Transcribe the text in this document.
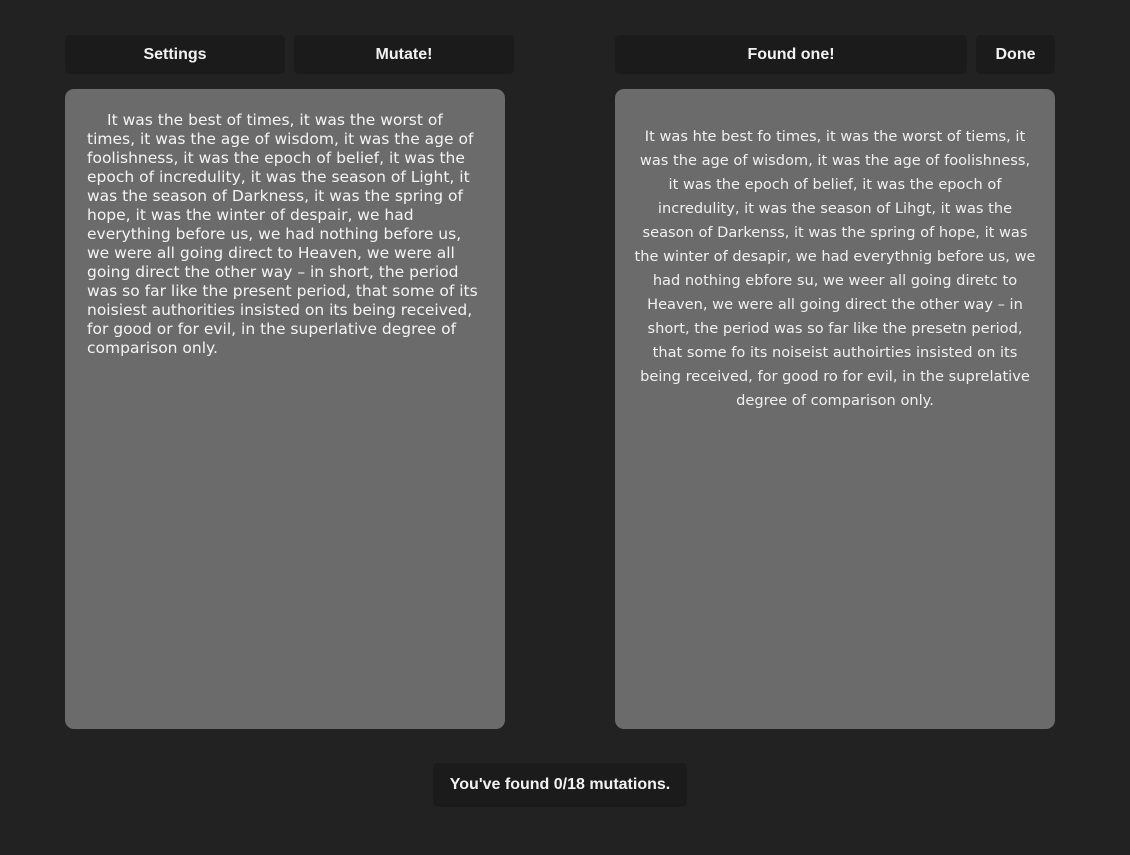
Settings	Mutate!	Found one!	Done

It was the best of times, it was the worst of times, it was the age of wisdom, it was the age of foolishness, it was the epoch of belief, it was the epoch of incredulity, it was the season of Light, it was the season of Darkness, it was the spring of hope, it was the winter of despair, we had everything before us, we had nothing before us, we were all going direct to Heaven, we were all going direct the other way – in short, the period was so far like the present period, that some of its noisiest authorities insisted on its being received, for good or for evil, in the superlative degree of comparison only.

It was hte best fo times, it was the worst of tiems, it was the age of wisdom, it was the age of foolishness, it was the epoch of belief, it was the epoch of incredulity, it was the season of Lihgt, it was the season of Darkenss, it was the spring of hope, it was the winter of desapir, we had everythnig before us, we had nothing ebfore su, we weer all going diretc to Heaven, we were all going direct the other way – in short, the period was so far like the presetn period, that some fo its noiseist authoirties insisted on its being received, for good ro for evil, in the suprelative degree of comparison only.

You've found 0/18 mutations.
